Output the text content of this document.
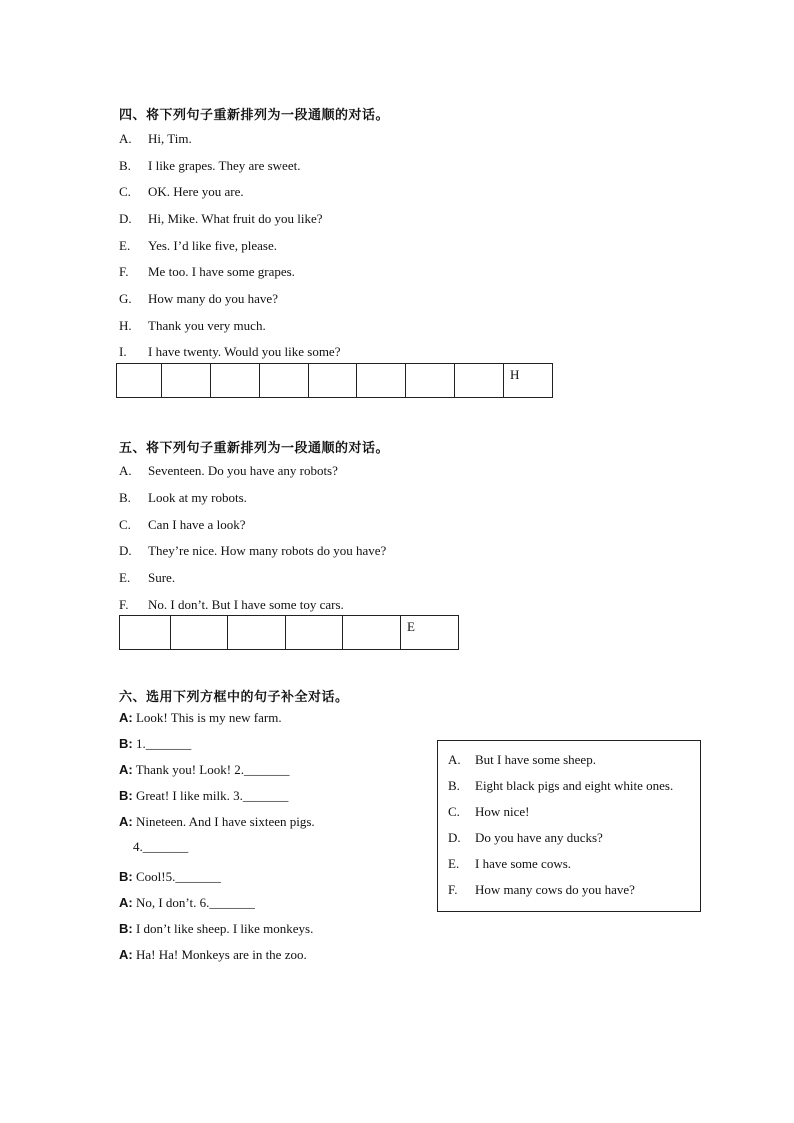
四、将下列句子重新排列为一段通顺的对话。
A. Hi, Tim.
B. I like grapes. They are sweet.
C. OK. Here you are.
D. Hi, Mike. What fruit do you like?
E. Yes. I’d like five, please.
F. Me too. I have some grapes.
G. How many do you have?
H. Thank you very much.
I. I have twenty. Would you like some?

H
五、将下列句子重新排列为一段通顺的对话。
A. Seventeen. Do you have any robots?
B. Look at my robots.
C. Can I have a look?
D. They’re nice. How many robots do you have?
E. Sure.
F. No. I don’t. But I have some toy cars.

E
六、选用下列方框中的句子补全对话。
A: Look! This is my new farm.
B: 1._______
A: Thank you! Look! 2._______
B: Great! I like milk. 3._______
A: Nineteen. And I have sixteen pigs.
4._______
B: Cool!5._______
A: No, I don’t. 6._______
B: I don’t like sheep. I like monkeys.
A: Ha! Ha! Monkeys are in the zoo.
A. But I have some sheep.
B. Eight black pigs and eight white ones.
C. How nice!
D. Do you have any ducks?
E. I have some cows.
F. How many cows do you have?
